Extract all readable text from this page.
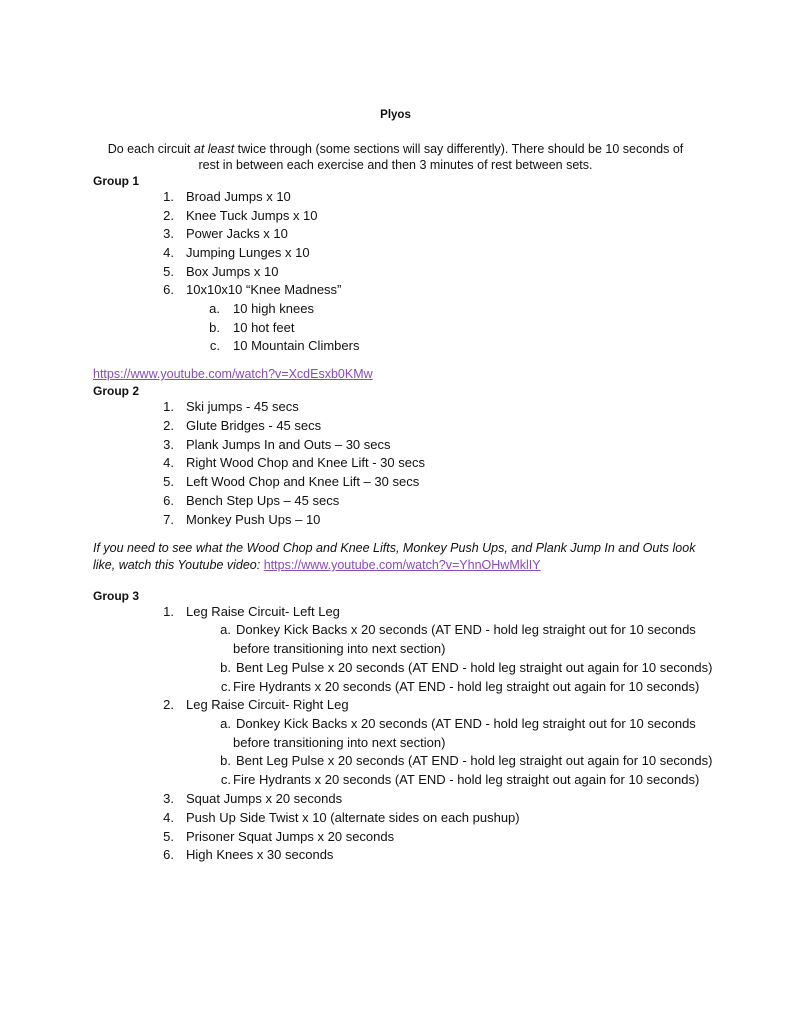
Plyos
Do each circuit at least twice through (some sections will say differently). There should be 10 seconds of rest in between each exercise and then 3 minutes of rest between sets.
Group 1
1. Broad Jumps x 10
2. Knee Tuck Jumps x 10
3. Power Jacks x 10
4. Jumping Lunges x 10
5. Box Jumps x 10
6. 10x10x10 “Knee Madness”
a. 10 high knees
b. 10 hot feet
c. 10 Mountain Climbers
https://www.youtube.com/watch?v=XcdEsxb0KMw
Group 2
1. Ski jumps - 45 secs
2. Glute Bridges - 45 secs
3. Plank Jumps In and Outs – 30 secs
4. Right Wood Chop and Knee Lift - 30 secs
5. Left Wood Chop and Knee Lift – 30 secs
6. Bench Step Ups – 45 secs
7. Monkey Push Ups – 10
If you need to see what the Wood Chop and Knee Lifts, Monkey Push Ups, and Plank Jump In and Outs look like, watch this Youtube video: https://www.youtube.com/watch?v=YhnOHwMklIY
Group 3
1. Leg Raise Circuit- Left Leg
a. Donkey Kick Backs x 20 seconds (AT END - hold leg straight out for 10 seconds
before transitioning into next section)
b. Bent Leg Pulse x 20 seconds (AT END - hold leg straight out again for 10 seconds)
c. Fire Hydrants x 20 seconds (AT END - hold leg straight out again for 10 seconds)
2. Leg Raise Circuit- Right Leg
a. Donkey Kick Backs x 20 seconds (AT END - hold leg straight out for 10 seconds
before transitioning into next section)
b. Bent Leg Pulse x 20 seconds (AT END - hold leg straight out again for 10 seconds)
c. Fire Hydrants x 20 seconds (AT END - hold leg straight out again for 10 seconds)
3. Squat Jumps x 20 seconds
4. Push Up Side Twist x 10 (alternate sides on each pushup)
5. Prisoner Squat Jumps x 20 seconds
6. High Knees x 30 seconds
